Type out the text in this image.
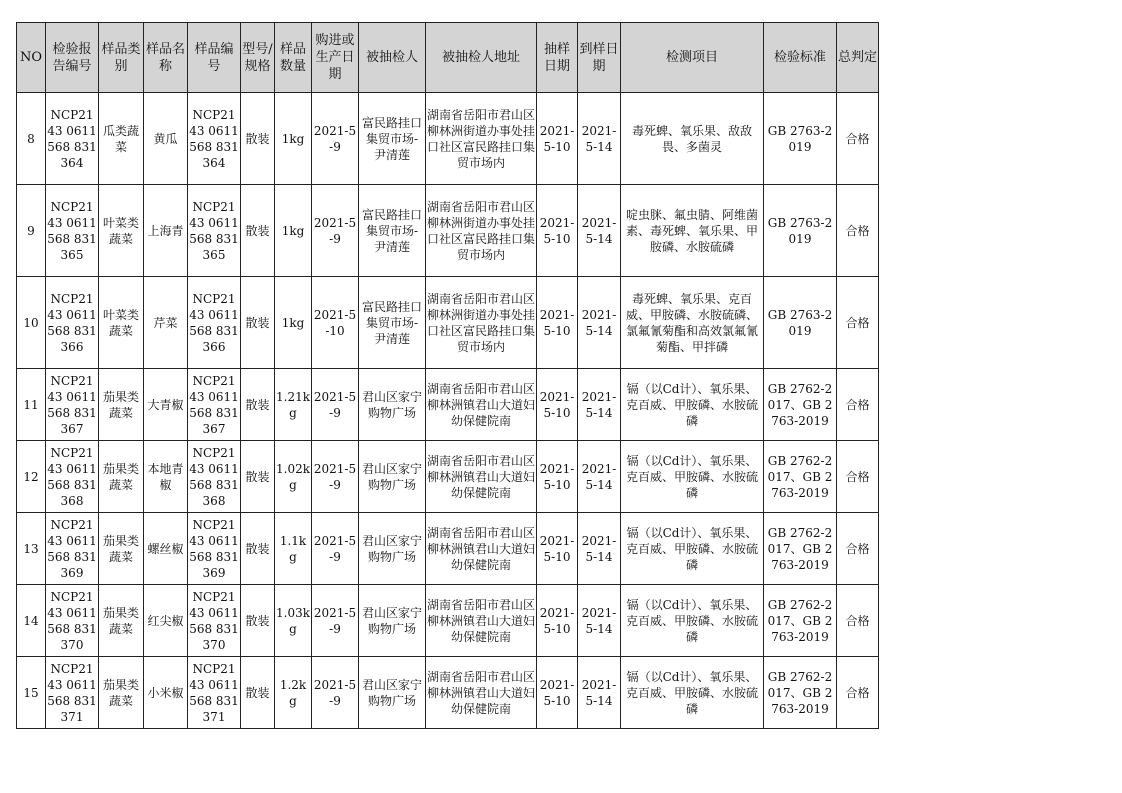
NO	检验报告编号	样品类别	样品名称	样品编号	型号/规格	样品数量	购进或生产日期	被抽检人	被抽检人地址	抽样日期	到样日期	检测项目	检验标准	总判定
8	NCP2143 0611568 831364	瓜类蔬菜	黄瓜	NCP2143 0611568 831364	散装	1kg	2021-5-9	富民路挂口集贸市场-尹清莲	湖南省岳阳市君山区柳林洲街道办事处挂口社区富民路挂口集贸市场内	2021-5-10	2021-5-14	毒死蜱、氧乐果、敌敌畏、多菌灵	GB 2763-2019	合格
9	NCP2143 0611568 831365	叶菜类蔬菜	上海青	NCP2143 0611568 831365	散装	1kg	2021-5-9	富民路挂口集贸市场-尹清莲	湖南省岳阳市君山区柳林洲街道办事处挂口社区富民路挂口集贸市场内	2021-5-10	2021-5-14	啶虫脒、氟虫腈、阿维菌素、毒死蜱、氧乐果、甲胺磷、水胺硫磷	GB 2763-2019	合格
10	NCP2143 0611568 831366	叶菜类蔬菜	芹菜	NCP2143 0611568 831366	散装	1kg	2021-5-10	富民路挂口集贸市场-尹清莲	湖南省岳阳市君山区柳林洲街道办事处挂口社区富民路挂口集贸市场内	2021-5-10	2021-5-14	毒死蜱、氧乐果、克百威、甲胺磷、水胺硫磷、氯氟氰菊酯和高效氯氟氰菊酯、甲拌磷	GB 2763-2019	合格
11	NCP2143 0611568 831367	茄果类蔬菜	大青椒	NCP2143 0611568 831367	散装	1.21kg	2021-5-9	君山区家宁购物广场	湖南省岳阳市君山区柳林洲镇君山大道妇幼保健院南	2021-5-10	2021-5-14	镉（以Cd计）、氧乐果、克百威、甲胺磷、水胺硫磷	GB 2762-2017、GB 2763-2019	合格
12	NCP2143 0611568 831368	茄果类蔬菜	本地青椒	NCP2143 0611568 831368	散装	1.02kg	2021-5-9	君山区家宁购物广场	湖南省岳阳市君山区柳林洲镇君山大道妇幼保健院南	2021-5-10	2021-5-14	镉（以Cd计）、氧乐果、克百威、甲胺磷、水胺硫磷	GB 2762-2017、GB 2763-2019	合格
13	NCP2143 0611568 831369	茄果类蔬菜	螺丝椒	NCP2143 0611568 831369	散装	1.1kg	2021-5-9	君山区家宁购物广场	湖南省岳阳市君山区柳林洲镇君山大道妇幼保健院南	2021-5-10	2021-5-14	镉（以Cd计）、氧乐果、克百威、甲胺磷、水胺硫磷	GB 2762-2017、GB 2763-2019	合格
14	NCP2143 0611568 831370	茄果类蔬菜	红尖椒	NCP2143 0611568 831370	散装	1.03kg	2021-5-9	君山区家宁购物广场	湖南省岳阳市君山区柳林洲镇君山大道妇幼保健院南	2021-5-10	2021-5-14	镉（以Cd计）、氧乐果、克百威、甲胺磷、水胺硫磷	GB 2762-2017、GB 2763-2019	合格
15	NCP2143 0611568 831371	茄果类蔬菜	小米椒	NCP2143 0611568 831371	散装	1.2kg	2021-5-9	君山区家宁购物广场	湖南省岳阳市君山区柳林洲镇君山大道妇幼保健院南	2021-5-10	2021-5-14	镉（以Cd计）、氧乐果、克百威、甲胺磷、水胺硫磷	GB 2762-2017、GB 2763-2019	合格
